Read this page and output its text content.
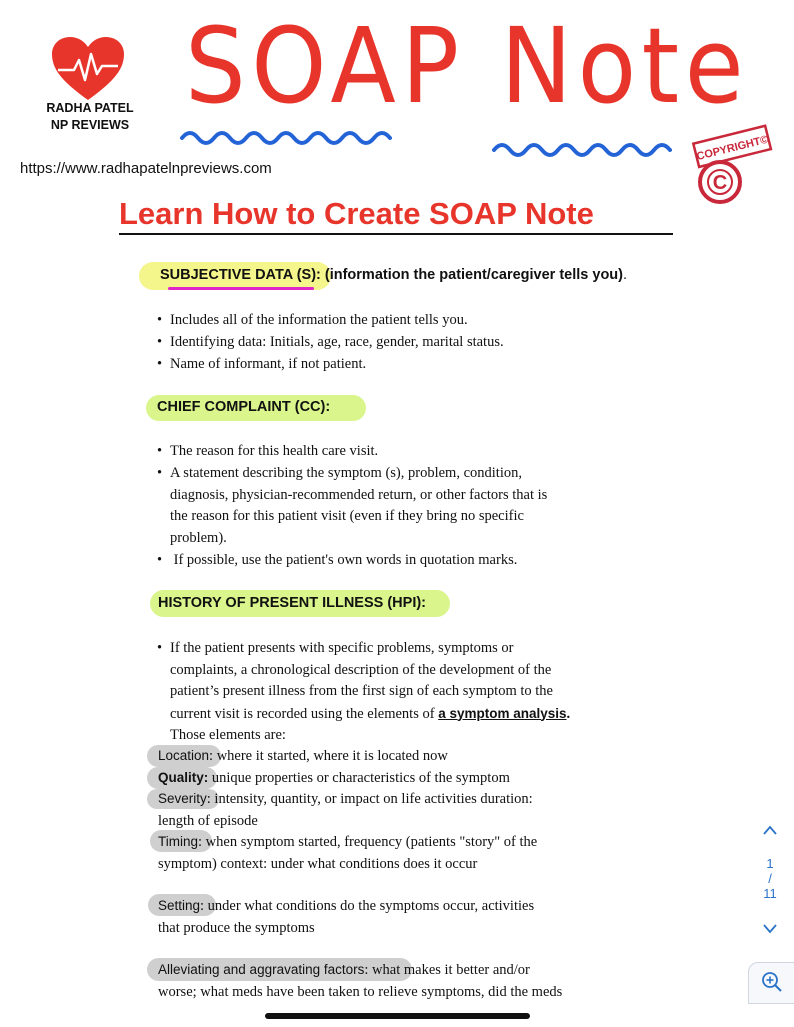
RADHA PATEL
NP REVIEWS SOAP Note
COPYRIGHT©
C
https://www.radhapatelnpreviews.com
Learn How to Create SOAP Note
SUBJECTIVE DATA (S): (information the patient/caregiver tells you).
• Includes all of the information the patient tells you.
• Identifying data: Initials, age, race, gender, marital status.
• Name of informant, if not patient.
CHIEF COMPLAINT (CC):
• The reason for this health care visit.
• A statement describing the symptom (s), problem, condition,
diagnosis, physician-recommended return, or other factors that is
the reason for this patient visit (even if they bring no specific
problem).
• If possible, use the patient's own words in quotation marks.
HISTORY OF PRESENT ILLNESS (HPI):
• If the patient presents with specific problems, symptoms or
complaints, a chronological description of the development of the
patient’s present illness from the first sign of each symptom to the
current visit is recorded using the elements of a symptom analysis.
Those elements are:
Location: where it started, where it is located now
Quality: unique properties or characteristics of the symptom
Severity: intensity, quantity, or impact on life activities duration:
length of episode
Timing: when symptom started, frequency (patients "story" of the
symptom) context: under what conditions does it occur
Setting: under what conditions do the symptoms occur, activities
that produce the symptoms
Alleviating and aggravating factors: what makes it better and/or
worse; what meds have been taken to relieve symptoms, did the meds
1
/
11
